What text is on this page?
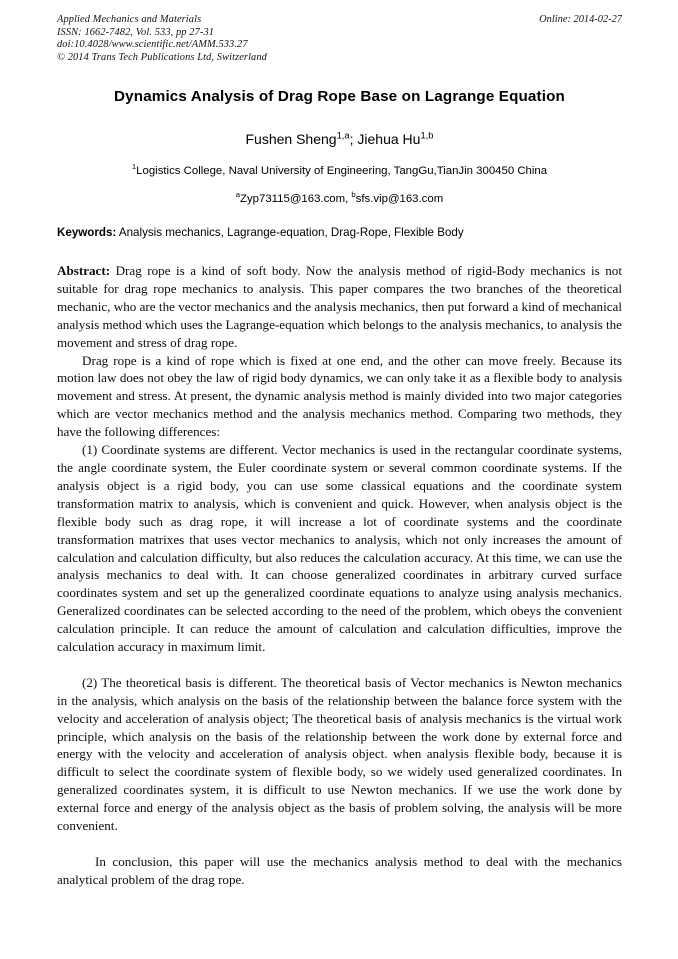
Applied Mechanics and Materials
ISSN: 1662-7482, Vol. 533, pp 27-31
doi:10.4028/www.scientific.net/AMM.533.27
© 2014 Trans Tech Publications Ltd, Switzerland
Online: 2014-02-27
Dynamics Analysis of Drag Rope Base on Lagrange Equation
Fushen Sheng$^{1,a}$; Jiehua Hu$^{1,b}$
$^1$Logistics College, Naval University of Engineering, TangGu,TianJin 300450 China
$^a$Zyp73115@163.com, $^b$sfs.vip@163.com
Keywords: Analysis mechanics, Lagrange-equation, Drag-Rope, Flexible Body

Abstract: Drag rope is a kind of soft body. Now the analysis method of rigid-Body mechanics is not suitable for drag rope mechanics to analysis. This paper compares the two branches of the theoretical mechanic, who are the vector mechanics and the analysis mechanics, then put forward a kind of mechanical analysis method which uses the Lagrange-equation which belongs to the analysis mechanics, to analysis the movement and stress of drag rope.

Drag rope is a kind of rope which is fixed at one end, and the other can move freely. Because its motion law does not obey the law of rigid body dynamics, we can only take it as a flexible body to analysis movement and stress. At present, the dynamic analysis method is mainly divided into two major categories which are vector mechanics method and the analysis mechanics method. Comparing two methods, they have the following differences:

(1) Coordinate systems are different. Vector mechanics is used in the rectangular coordinate systems, the angle coordinate system, the Euler coordinate system or several common coordinate systems. If the analysis object is a rigid body, you can use some classical equations and the coordinate system transformation matrix to analysis, which is convenient and quick. However, when analysis object is the flexible body such as drag rope, it will increase a lot of coordinate systems and the coordinate transformation matrixes that uses vector mechanics to analysis, which not only increases the amount of calculation and calculation difficulty, but also reduces the calculation accuracy. At this time, we can use the analysis mechanics to deal with. It can choose generalized coordinates in arbitrary curved surface coordinates system and set up the generalized coordinate equations to analyze using analysis mechanics. Generalized coordinates can be selected according to the need of the problem, which obeys the convenient calculation principle. It can reduce the amount of calculation and calculation difficulties, improve the calculation accuracy in maximum limit.

(2) The theoretical basis is different. The theoretical basis of Vector mechanics is Newton mechanics in the analysis, which analysis on the basis of the relationship between the balance force system with the velocity and acceleration of analysis object; The theoretical basis of analysis mechanics is the virtual work principle, which analysis on the basis of the relationship between the work done by external force and energy with the velocity and acceleration of analysis object. when analysis flexible body, because it is difficult to select the coordinate system of flexible body, so we widely used generalized coordinates. In generalized coordinates system, it is difficult to use Newton mechanics. If we use the work done by external force and energy of the analysis object as the basis of problem solving, the analysis will be more convenient.

In conclusion, this paper will use the mechanics analysis method to deal with the mechanics analytical problem of the drag rope.
